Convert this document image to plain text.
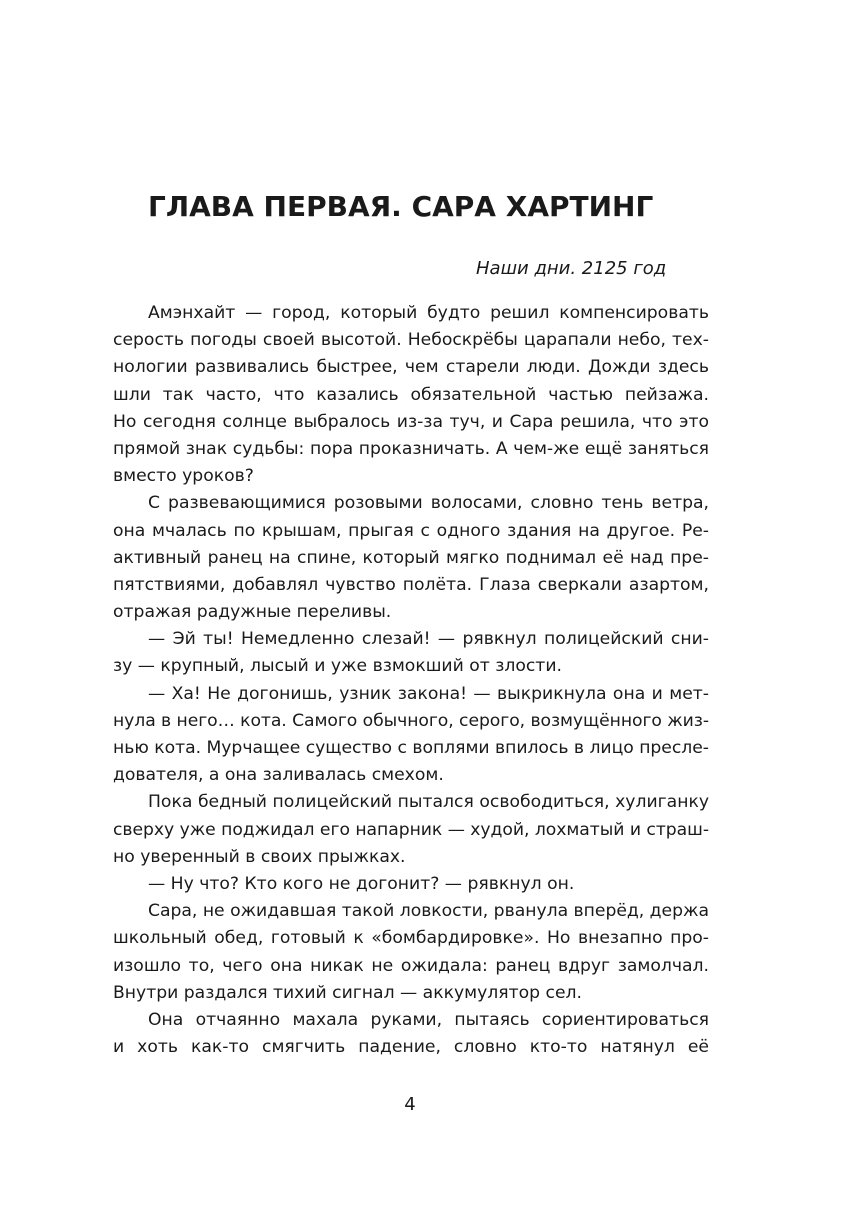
ГЛАВА ПЕРВАЯ. САРА ХАРТИНГ
Наши дни. 2125 год
Амэнхайт — город, который будто решил компенсировать
серость погоды своей высотой. Небоскрёбы царапали небо, тех-
нологии развивались быстрее, чем старели люди. Дожди здесь
шли так часто, что казались обязательной частью пейзажа.
Но сегодня солнце выбралось из-за туч, и Сара решила, что это
прямой знак судьбы: пора проказничать. А чем-же ещё заняться
вместо уроков?
С развевающимися розовыми волосами, словно тень ветра,
она мчалась по крышам, прыгая с одного здания на другое. Ре-
активный ранец на спине, который мягко поднимал её над пре-
пятствиями, добавлял чувство полёта. Глаза сверкали азартом,
отражая радужные переливы.
— Эй ты! Немедленно слезай! — рявкнул полицейский сни-
зу — крупный, лысый и уже взмокший от злости.
— Ха! Не догонишь, узник закона! — выкрикнула она и мет-
нула в него… кота. Самого обычного, серого, возмущённого жиз-
нью кота. Мурчащее существо с воплями впилось в лицо пресле-
дователя, а она заливалась смехом.
Пока бедный полицейский пытался освободиться, хулиганку
сверху уже поджидал его напарник — худой, лохматый и страш-
но уверенный в своих прыжках.
— Ну что? Кто кого не догонит? — рявкнул он.
Сара, не ожидавшая такой ловкости, рванула вперёд, держа
школьный обед, готовый к «бомбардировке». Но внезапно про-
изошло то, чего она никак не ожидала: ранец вдруг замолчал.
Внутри раздался тихий сигнал — аккумулятор сел.
Она отчаянно махала руками, пытаясь сориентироваться
и хоть как-то смягчить падение, словно кто-то натянул её
4
